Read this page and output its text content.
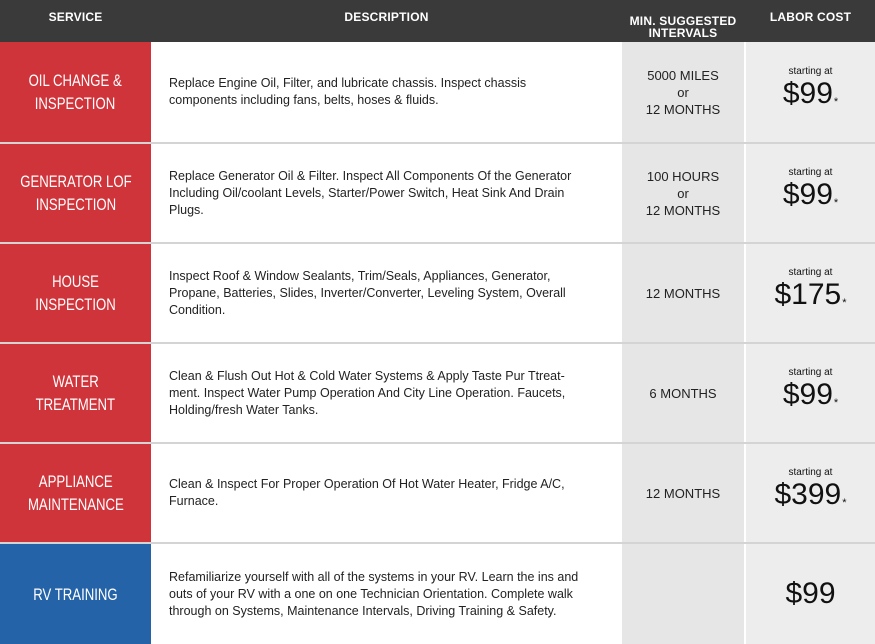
SERVICE	DESCRIPTION	MIN. SUGGESTED
INTERVALS
LABOR COST
OIL CHANGE &
INSPECTION
Replace Engine Oil, Filter, and lubricate chassis. Inspect chassis components including fans, belts, hoses & fluids.
5000 MILES
or
12 MONTHS
starting at
$99*
GENERATOR LOF
INSPECTION
Replace Generator Oil & Filter. Inspect All Components Of the Generator Including Oil/coolant Levels, Starter/Power Switch, Heat Sink And Drain Plugs.
100 HOURS
or
12 MONTHS
starting at
$99*
HOUSE INSPECTION
Inspect Roof & Window Sealants, Trim/Seals, Appliances, Generator, Propane, Batteries, Slides, Inverter/Converter, Leveling System, Overall Condition.
12 MONTHS
starting at
$175*
WATER
TREATMENT
Clean & Flush Out Hot & Cold Water Systems & Apply Taste Pur Ttreat-ment. Inspect Water Pump Operation And City Line Operation. Faucets, Holding/fresh Water Tanks.
6 MONTHS
starting at
$99*
APPLIANCE
MAINTENANCE
Clean & Inspect For Proper Operation Of Hot Water Heater, Fridge A/C, Furnace.
12 MONTHS
starting at
$399*
RV TRAINING
Refamiliarize yourself with all of the systems in your RV. Learn the ins and outs of your RV with a one on one Technician Orientation. Complete walk through on Systems, Maintenance Intervals, Driving Training & Safety.
$99
